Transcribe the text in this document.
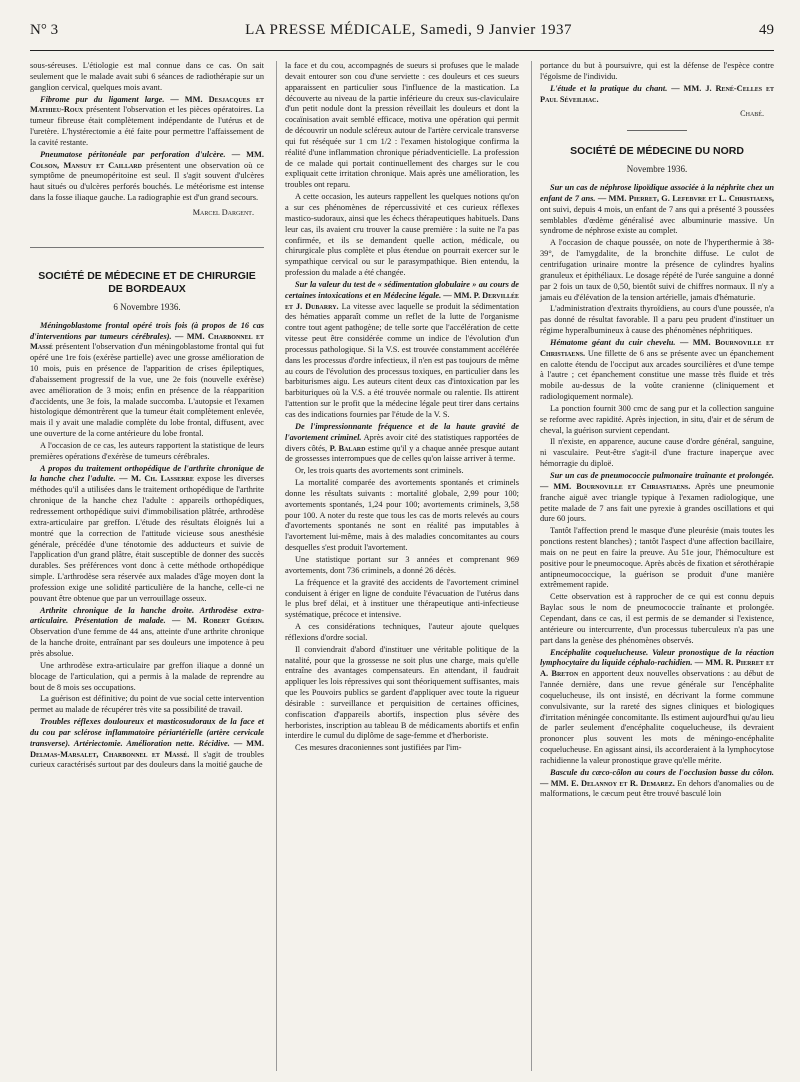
N° 3	LA PRESSE MÉDICALE, Samedi, 9 Janvier 1937	49

sous-séreuses. L'étiologie est mal connue dans ce cas. On sait seulement que le malade avait subi 6 séances de radiothérapie sur un ganglion cervical, quelques mois avant.

Fibrome pur du ligament large. — MM. Desjacques et Mathieu-Roux présentent l'observation et les pièces opératoires. La tumeur fibreuse était complètement indépendante de l'utérus et de l'uretère. L'hystérectomie a été faite pour permettre l'affaissement de la cavité restante.

Pneumatose péritonéale par perforation d'ulcère. — MM. Colson, Mansuy et Caillard présentent une observation où ce symptôme de pneumopéritoine est seul. Il s'agit souvent d'ulcères haut situés ou d'ulcères perforés bouchés. Le météorisme est intense dans la fosse iliaque gauche. La radiographie est d'un grand secours.

Marcel Dargent.
SOCIÉTÉ DE MÉDECINE ET DE CHIRURGIE DE BORDEAUX
6 Novembre 1936.

Méningoblastome frontal opéré trois fois (à propos de 16 cas d'interventions par tumeurs cérébrales). — MM. Charbonnel et Massé présentent l'observation d'un méningoblastome frontal qui fut opéré une 1re fois (exérèse partielle) avec une grosse amélioration de 10 mois, puis en présence de l'apparition de crises épileptiques, d'abaissement progressif de la vue, une 2e fois (nouvelle exérèse) avec amélioration de 3 mois; enfin en présence de la réapparition d'accidents, une 3e fois, la malade succomba. L'autopsie et l'examen histologique démontrèrent que la tumeur était complètement enlevée, mais il y avait une maladie complète du lobe frontal, diffusent, avec une ouverture de la corne antérieure du lobe frontal.

A l'occasion de ce cas, les auteurs rapportent la statistique de leurs premières opérations d'exérèse de tumeurs cérébrales.

A propos du traitement orthopédique de l'arthrite chronique de la hanche chez l'adulte. — M. Ch. Lasserre expose les diverses méthodes qu'il a utilisées dans le traitement orthopédique de l'arthrite chronique de la hanche chez l'adulte : appareils orthopédiques, redressement orthopédique suivi d'immobilisation plâtrée, arthrodèse extra-articulaire par greffon. L'étude des résultats éloignés lui a montré que la correction de l'attitude vicieuse sous anesthésie générale, précédée d'une ténotomie des adducteurs et suivie de l'application d'un grand plâtre, était susceptible de donner des succès durables. Ses préférences vont donc à cette méthode orthopédique simple. L'arthrodèse sera réservée aux malades d'âge moyen dont la profession exige une solidité particulière de la hanche, celle-ci ne pouvant être obtenue que par un verrouillage osseux.

Arthrite chronique de la hanche droite. Arthrodèse extra-articulaire. Présentation de malade. — M. Robert Guérin. Observation d'une femme de 44 ans, atteinte d'une arthrite chronique de la hanche droite, entraînant par ses douleurs une impotence à peu près absolue.

Une arthrodèse extra-articulaire par greffon iliaque a donné un blocage de l'articulation, qui a permis à la malade de reprendre au bout de 8 mois ses occupations.

La guérison est définitive; du point de vue social cette intervention permet au malade de récupérer très vite sa possibilité de travail.

Troubles réflexes douloureux et masticosudoraux de la face et du cou par sclérose inflammatoire périartérielle (artère cervicale transverse). Artériectomie. Amélioration nette. Récidive. — MM. Delmas-Marsalet, Charbonnel et Massé. Il s'agit de troubles curieux caractérisés surtout par des douleurs dans la moitié gauche de

la face et du cou, accompagnés de sueurs si profuses que le malade devait entourer son cou d'une serviette : ces douleurs et ces sueurs apparaissent en particulier sous l'influence de la mastication. La découverte au niveau de la partie inférieure du creux sus-claviculaire d'un petit nodule dont la pression réveillait les douleurs et dont la cocaïnisation avait semblé efficace, motiva une opération qui permit de découvrir un nodule scléreux autour de l'artère cervicale transverse qui fut réséquée sur 1 cm 1/2 : l'examen histologique confirma la réalité d'une inflammation chronique périadventicielle. La profession de ce malade qui portait continuellement des charges sur le cou expliquait cette irritation chronique. Mais après une amélioration, les troubles ont reparu.

A cette occasion, les auteurs rappellent les quelques notions qu'on a sur ces phénomènes de répercussivité et ces curieux réflexes mastico-sudoraux, ainsi que les échecs thérapeutiques habituels. Dans leur cas, ils avaient cru trouver la cause première : la suite ne l'a pas confirmée, et ils se demandent quelle action, médicale, ou chirurgicale plus complète et plus étendue on pourrait exercer sur le sympathique cervical ou sur le parasympathique. Bien entendu, la profession du malade a été changée.

Sur la valeur du test de « sédimentation globulaire » au cours de certaines intoxications et en Médecine légale. — MM. P. Dervillée et J. Dubarry. La vitesse avec laquelle se produit la sédimentation des hématies apparaît comme un reflet de la lutte de l'organisme contre tout agent pathogène; de telle sorte que l'accélération de cette vitesse peut être considérée comme un indice de l'évolution d'un processus pathologique. Si la V.S. est trouvée constamment accélérée dans les processus d'ordre infectieux, il n'en est pas toujours de même au cours de l'évolution des processus toxiques, en particulier dans les barbiturismes aigu. Les auteurs citent deux cas d'intoxication par les barbituriques où la V.S. a été trouvée normale ou ralentie. Ils attirent l'attention sur le profit que la médecine légale peut tirer dans certains cas des indications fournies par l'étude de la V. S.

De l'impressionnante fréquence et de la haute gravité de l'avortement criminel. Après avoir cité des statistiques rapportées de divers côtés, P. Balard estime qu'il y a chaque année presque autant de grossesses interrompues que de celles qu'on laisse arriver à terme.

Or, les trois quarts des avortements sont criminels.

La mortalité comparée des avortements spontanés et criminels donne les résultats suivants : mortalité globale, 2,99 pour 100; avortements spontanés, 1,24 pour 100; avortements criminels, 3,58 pour 100. A noter du reste que tous les cas de morts relevés au cours d'avortements spontanés ne sont en réalité pas imputables à l'avortement lui-même, mais à des maladies concomitantes au cours desquelles s'est produit l'avortement.

Une statistique portant sur 3 années et comprenant 969 avortements, dont 736 criminels, a donné 26 décès.

La fréquence et la gravité des accidents de l'avortement criminel conduisent à ériger en ligne de conduite l'évacuation de l'utérus dans le plus bref délai, et à instituer une thérapeutique anti-infectieuse systématique, précoce et intensive.

A ces considérations techniques, l'auteur ajoute quelques réflexions d'ordre social.

Il conviendrait d'abord d'instituer une véritable politique de la natalité, pour que la grossesse ne soit plus une charge, mais qu'elle entraîne des avantages compensateurs. En attendant, il faudrait appliquer les lois répressives qui sont théoriquement suffisantes, mais que les Pouvoirs publics se gardent d'appliquer avec toute la rigueur désirable : surveillance et perquisition de certaines officines, confiscation d'appareils abortifs, inspection plus sévère des herboristes, inscription au tableau B de médicaments abortifs et enfin interdire le cumul du diplôme de sage-femme et d'herboriste.

Ces mesures draconiennes sont justifiées par l'im-

portance du but à poursuivre, qui est la défense de l'espèce contre l'égoïsme de l'individu.

L'étude et la pratique du chant. — MM. J. René-Celles et Paul Séveilhac.

Chabé.
SOCIÉTÉ DE MÉDECINE DU NORD
Novembre 1936.

Sur un cas de néphrose lipoïdique associée à la néphrite chez un enfant de 7 ans. — MM. Pierret, G. Lefebvre et L. Christiaens, ont suivi, depuis 4 mois, un enfant de 7 ans qui a présenté 3 poussées semblables d'œdème généralisé avec albuminurie massive. Un syndrome de néphrose existe au complet.

A l'occasion de chaque poussée, on note de l'hyperthermie à 38-39°, de l'amygdalite, de la bronchite diffuse. Le culot de centrifugation urinaire montre la présence de cylindres hyalins granuleux et épithéliaux. Le dosage répété de l'urée sanguine a donné par 2 fois un taux de 0,50, bientôt suivi de chiffres normaux. Il n'y a jamais eu d'élévation de la tension artérielle, jamais d'hématurie.

L'administration d'extraits thyroïdiens, au cours d'une poussée, n'a pas donné de résultat favorable. Il a paru peu prudent d'instituer un régime hyperalbumineux à cause des phénomènes néphritiques.

Hématome géant du cuir chevelu. — MM. Bournoville et Christiaens. Une fillette de 6 ans se présente avec un épanchement en calotte étendu de l'occiput aux arcades sourcilières et d'une tempe à l'autre ; cet épanchement constitue une masse très fluide et très mobile au-dessus de la voûte cranienne (cliniquement et radiologiquement normale).

La ponction fournit 300 cmc de sang pur et la collection sanguine se reforme avec rapidité. Après injection, in situ, d'air et de sérum de cheval, la guérison survient cependant.

Il n'existe, en apparence, aucune cause d'ordre général, sanguine, ni vasculaire. Peut-être s'agit-il d'une fracture inaperçue avec hémorragie du diploë.

Sur un cas de pneumococcie pulmonaire traînante et prolongée. — MM. Bournoville et Chriastiaens. Après une pneumonie franche aiguë avec triangle typique à l'examen radiologique, une petite malade de 7 ans fait une pyrexie à grandes oscillations et qui dure 60 jours.

Tantôt l'affection prend le masque d'une pleurésie (mais toutes les ponctions restent blanches) ; tantôt l'aspect d'une affection bacillaire, mais on ne peut en faire la preuve. Au 51e jour, l'hémoculture est positive pour le pneumocoque. Après abcès de fixation et sérothérapie antipneumococcique, la guérison se produit d'une manière extrêmement rapide.

Cette observation est à rapprocher de ce qui est connu depuis Baylac sous le nom de pneumococcie traînante et prolongée. Cependant, dans ce cas, il est permis de se demander si l'existence, antérieure ou intercurrente, d'un processus tuberculeux n'a pas une part dans la genèse des phénomènes observés.

Encéphalite coquelucheuse. Valeur pronostique de la réaction lymphocytaire du liquide céphalo-rachidien. — MM. R. Pierret et A. Breton en apportent deux nouvelles observations : au début de l'année dernière, dans une revue générale sur l'encéphalite coquelucheuse, ils ont insisté, en décrivant la forme commune convulsivante, sur la rareté des signes cliniques et biologiques d'irritation méningée concomitante. Ils estiment aujourd'hui qu'au lieu de parler seulement d'encéphalite coquelucheuse, ils devraient prononcer plus souvent les mots de méningo-encéphalite coquelucheuse. En agissant ainsi, ils accorderaient à la lymphocytose rachidienne la valeur pronostique grave qu'elle mérite.

Bascule du cæco-côlon au cours de l'occlusion basse du côlon. — MM. E. Delannoy et R. Demarez. En dehors d'anomalies ou de malformations, le cæcum peut être trouvé basculé loin
